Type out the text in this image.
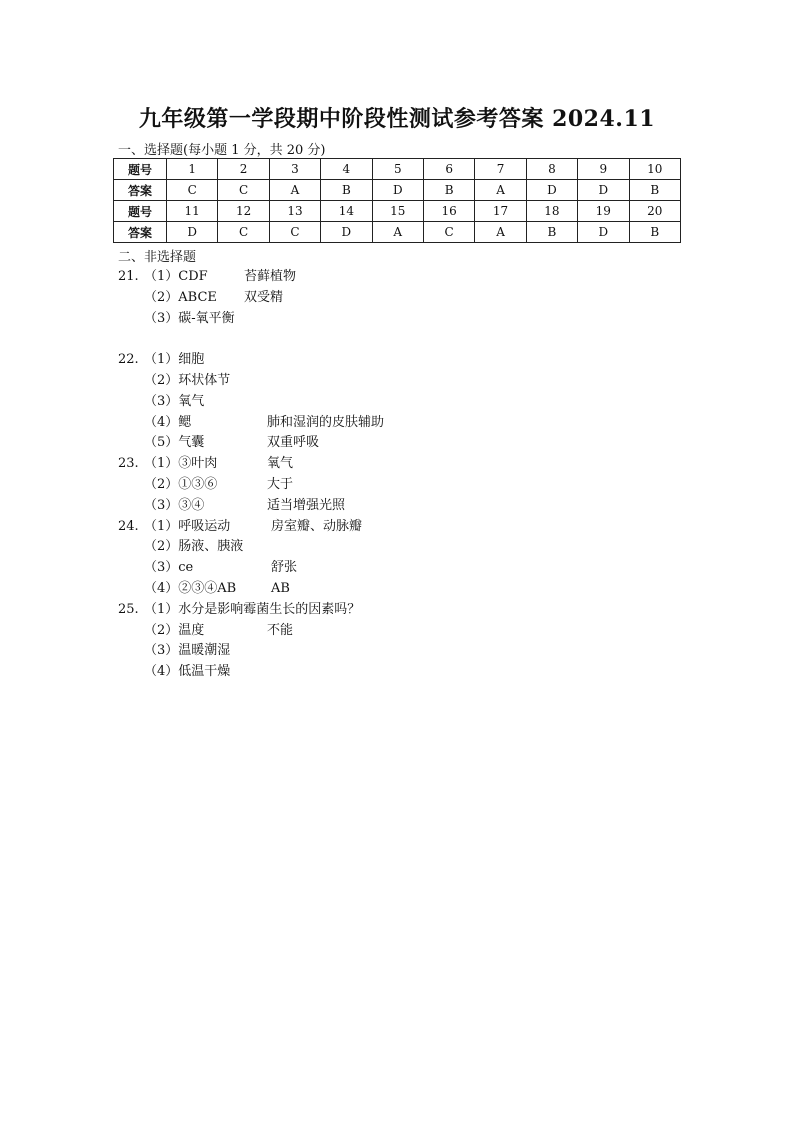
九年级第一学段期中阶段性测试参考答案 2024.11
一、选择题(每小题 1 分，共 20 分)
题号	1	2	3	4	5	6	7	8	9	10
答案	C	C	A	B	D	B	A	D	D	B
题号	11	12	13	14	15	16	17	18	19	20
答案	D	C	C	D	A	C	A	B	D	B
二、非选择题
21. （1）CDF	苔藓植物
（2）ABCE 双受精
（3）碳-氧平衡
22. （1）细胞
（2）环状体节
（3）氧气
（4）鳃	肺和湿润的皮肤辅助
（5）气囊	双重呼吸
23. （1）③叶肉	氧气
（2）①③⑥	大于
（3）③④	适当增强光照
24. （1）呼吸运动	房室瓣、动脉瓣
（2）肠液、胰液
（3）ce	舒张
（4）②③④AB	AB
25. （1）水分是影响霉菌生长的因素吗？
（2）温度	不能
（3）温暖潮湿
（4）低温干燥
